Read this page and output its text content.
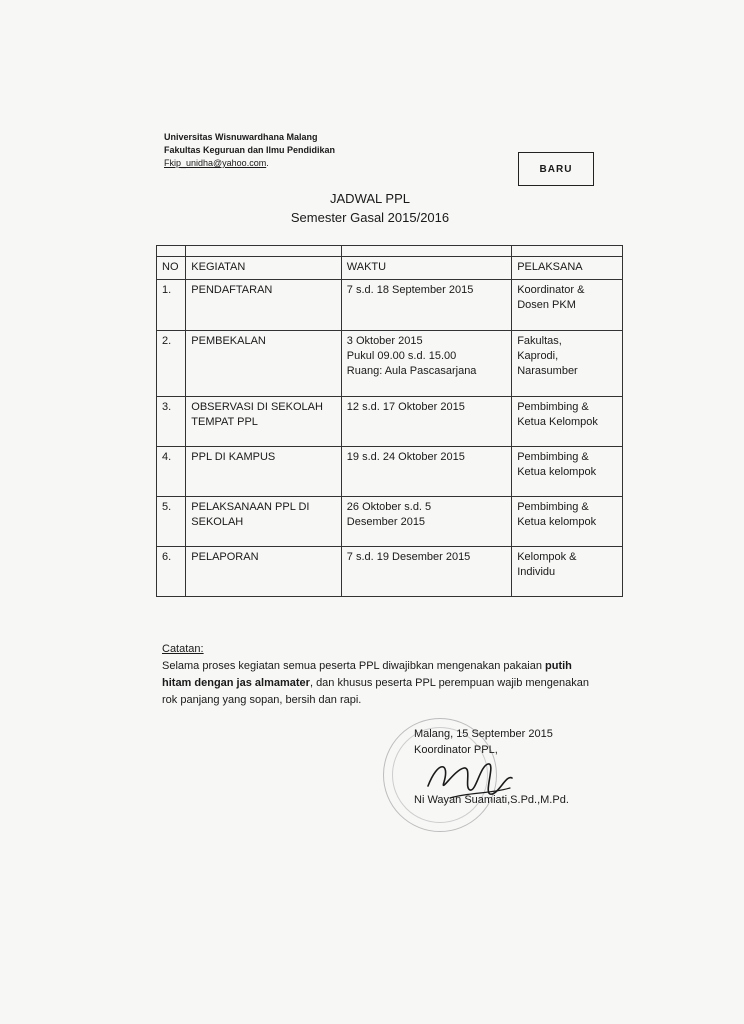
Universitas Wisnuwardhana Malang
Fakultas Keguruan dan Ilmu Pendidikan
Fkip_unidha@yahoo.com.
BARU
JADWAL PPL
Semester Gasal 2015/2016

NO	KEGIATAN	WAKTU	PELAKSANA
1.	PENDAFTARAN	7 s.d. 18 September 2015	Koordinator &
Dosen PKM
2.	PEMBEKALAN	3 Oktober 2015
Pukul 09.00 s.d. 15.00
Ruang: Aula Pascasarjana	Fakultas,
Kaprodi,
Narasumber
3.	OBSERVASI DI SEKOLAH
TEMPAT PPL	12 s.d. 17 Oktober 2015	Pembimbing &
Ketua Kelompok
4.	PPL DI KAMPUS	19 s.d. 24 Oktober 2015	Pembimbing &
Ketua kelompok
5.	PELAKSANAAN PPL DI
SEKOLAH	26 Oktober s.d. 5
Desember 2015	Pembimbing &
Ketua kelompok
6.	PELAPORAN	7 s.d. 19 Desember 2015	Kelompok &
Individu
Catatan:
Selama proses kegiatan semua peserta PPL diwajibkan mengenakan pakaian putih hitam dengan jas almamater, dan khusus peserta PPL perempuan wajib mengenakan rok panjang yang sopan, bersih dan rapi.
Malang, 15 September 2015
Koordinator PPL,
Ni Wayan Suamiati,S.Pd.,M.Pd.
